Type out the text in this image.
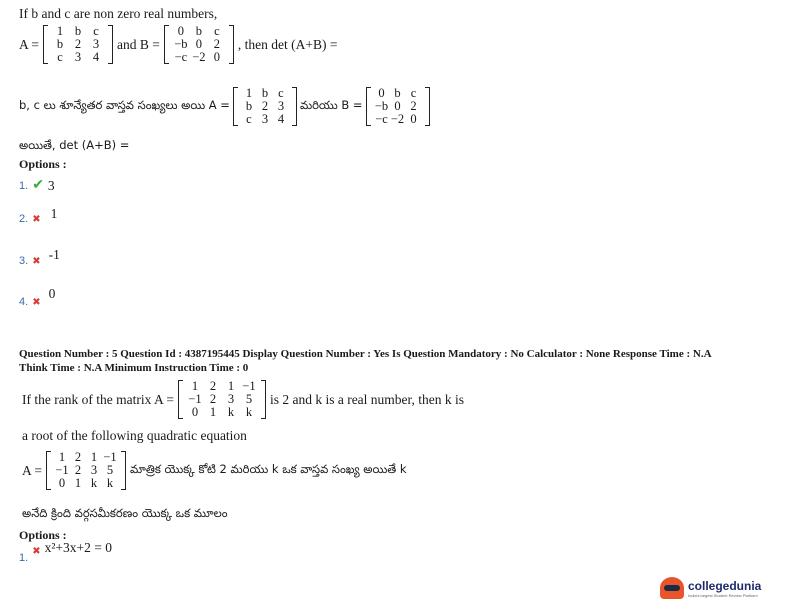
If b and c are non zero real numbers,
A =
1 b c
b 2 3
c 3 4
and B =
0 b c
−b 0 2
−c −2 0
, then det (A+B) =
b, c లు శూన్యేతర వాస్తవ సంఖ్యలు అయి A =
1 b c
b 2 3
c 3 4
మరియు B =
0 b c
−b 0 2
−c −2 0
అయితే, det (A+B) =
Options :
1. ✔ 3
2. ✖ 1
3. ✖ -1
4. ✖
0
Question Number : 5 Question Id : 4387195445 Display Question Number : Yes Is Question Mandatory : No Calculator : None Response Time : N.A
Think Time : N.A Minimum Instruction Time : 0
If the rank of the matrix A =
1 2 1 −1
−1 2 3 5
0 1 k k
is 2 and k is a real number, then k is
a root of the following quadratic equation
A =
1 2 1 −1
−1 2 3 5
0 1 k k
మాత్రిక యొక్క కోటి 2 మరియు k ఒక వాస్తవ సంఖ్య అయితే k
అనేది క్రింది వర్గసమీకరణం యొక్క ఒక మూలం
Options :
1.
✖ x²+3x+2 = 0
collegedunia
India's largest Student Review Platform
